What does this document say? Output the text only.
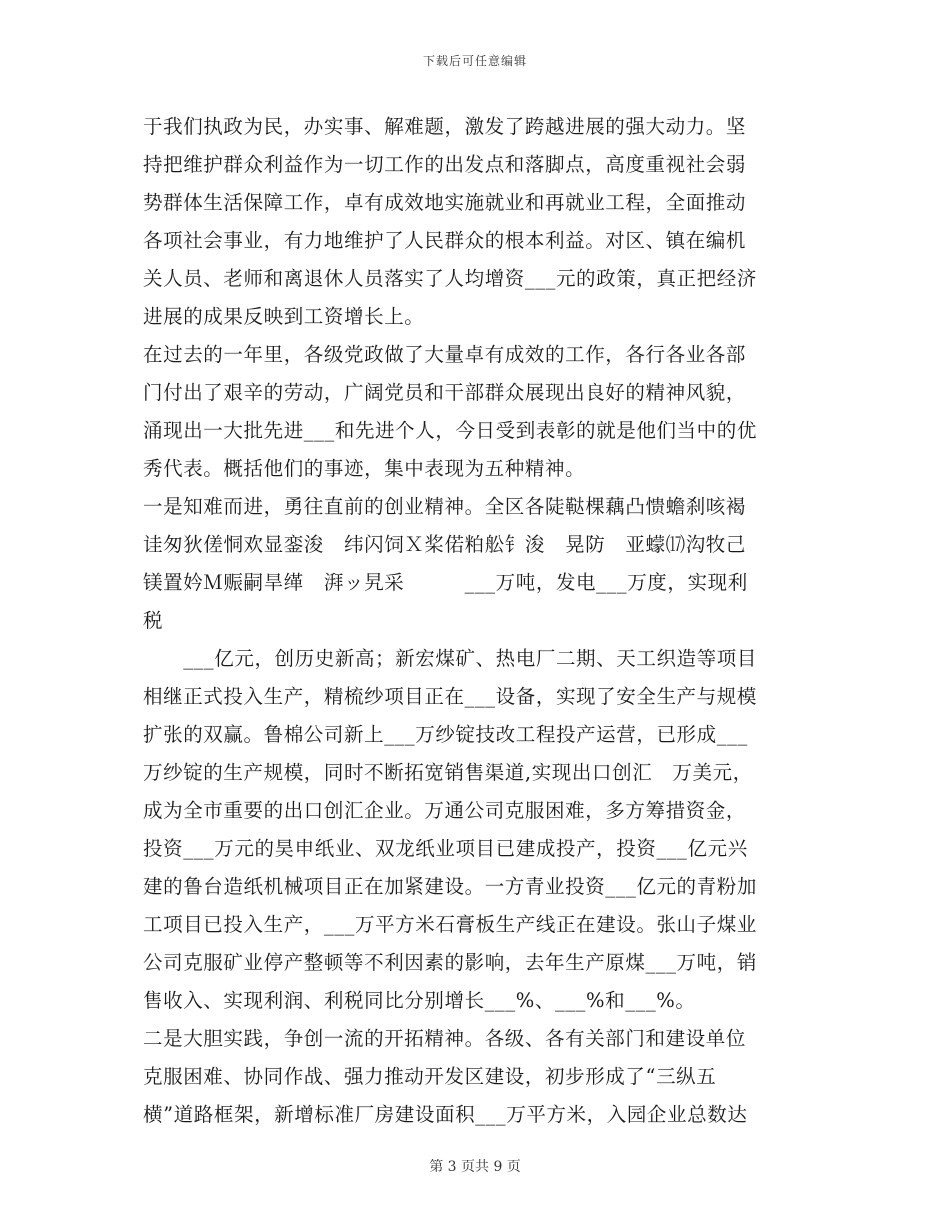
下载后可任意编辑
于我们执政为民，办实事、解难题，激发了跨越进展的强大动力。坚
持把维护群众利益作为一切工作的出发点和落脚点，高度重视社会弱
势群体生活保障工作，卓有成效地实施就业和再就业工程，全面推动
各项社会事业，有力地维护了人民群众的根本利益。对区、镇在编机
关人员、老师和离退休人员落实了人均增资___元的政策，真正把经济
进展的成果反映到工资增长上。
在过去的一年里，各级党政做了大量卓有成效的工作，各行各业各部
门付出了艰辛的劳动，广阔党员和干部群众展现出良好的精神风貌，
涌现出一大批先进___和先进个人，今日受到表彰的就是他们当中的优
秀代表。概括他们的事迹，集中表现为五种精神。
一是知难而进，勇往直前的创业精神。全区各陡鞑棵藕凸愦蟾刹咳褐
诖匆狄傞恫欢显銮浚　纬闪饲Ｘ桨偌粕舩钅浚　晃防　亚蠓⒄沟牧己
镁置妗Ｍ赈嗣旱缂　湃ッ旯采　　　___万吨，发电___万度，实现利
税
　　___亿元，创历史新高；新宏煤矿、热电厂二期、天工织造等项目
相继正式投入生产，精梳纱项目正在___设备，实现了安全生产与规模
扩张的双赢。鲁棉公司新上___万纱锭技改工程投产运营，已形成___
万纱锭的生产规模，同时不断拓宽销售渠道,实现出口创汇　万美元，
成为全市重要的出口创汇企业。万通公司克服困难，多方筹措资金，
投资___万元的昊申纸业、双龙纸业项目已建成投产，投资___亿元兴
建的鲁台造纸机械项目正在加紧建设。一方青业投资___亿元的青粉加
工项目已投入生产，___万平方米石膏板生产线正在建设。张山子煤业
公司克服矿业停产整顿等不利因素的影响，去年生产原煤___万吨，销
售收入、实现利润、利税同比分别增长___%、___%和___%。
二是大胆实践，争创一流的开拓精神。各级、各有关部门和建设单位
克服困难、协同作战、强力推动开发区建设，初步形成了“三纵五
横”道路框架，新增标准厂房建设面积___万平方米，入园企业总数达
第 3 页共 9 页
